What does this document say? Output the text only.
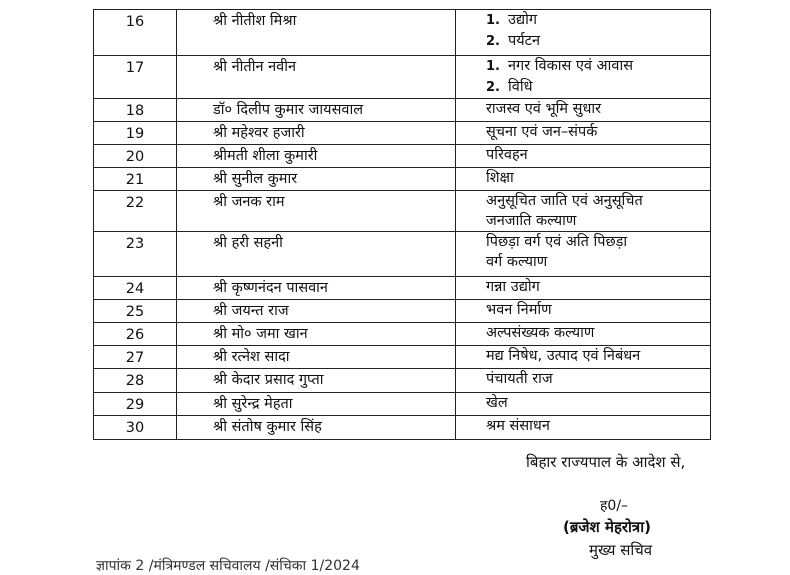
16	श्री नीतीश मिश्रा	1. उद्योग
2. पर्यटन

17	श्री नीतीन नवीन	1. नगर विकास एवं आवास
2. विधि

18	डॉ० दिलीप कुमार जायसवाल	राजस्व एवं भूमि सुधार

19	श्री महेश्वर हजारी	सूचना एवं जन–संपर्क

20	श्रीमती शीला कुमारी	परिवहन

21	श्री सुनील कुमार	शिक्षा

22	श्री जनक राम	अनुसूचित जाति एवं अनुसूचित
जनजाति कल्याण

23	श्री हरी सहनी	पिछड़ा वर्ग एवं अति पिछड़ा
वर्ग कल्याण

24	श्री कृष्णनंदन पासवान	गन्ना उद्योग

25	श्री जयन्त राज	भवन निर्माण

26	श्री मो० जमा खान	अल्पसंख्यक कल्याण

27	श्री रत्नेश सादा	मद्य निषेध, उत्पाद एवं निबंधन

28	श्री केदार प्रसाद गुप्ता	पंचायती राज

29	श्री सुरेन्द्र मेहता	खेल

30	श्री संतोष कुमार सिंह	श्रम संसाधन
बिहार राज्यपाल के आदेश से,
ह0/–
(ब्रजेश मेहरोत्रा)
मुख्य सचिव
ज्ञापांक 2 /मंत्रिमण्डल सचिवालय /संचिका 1/2024
